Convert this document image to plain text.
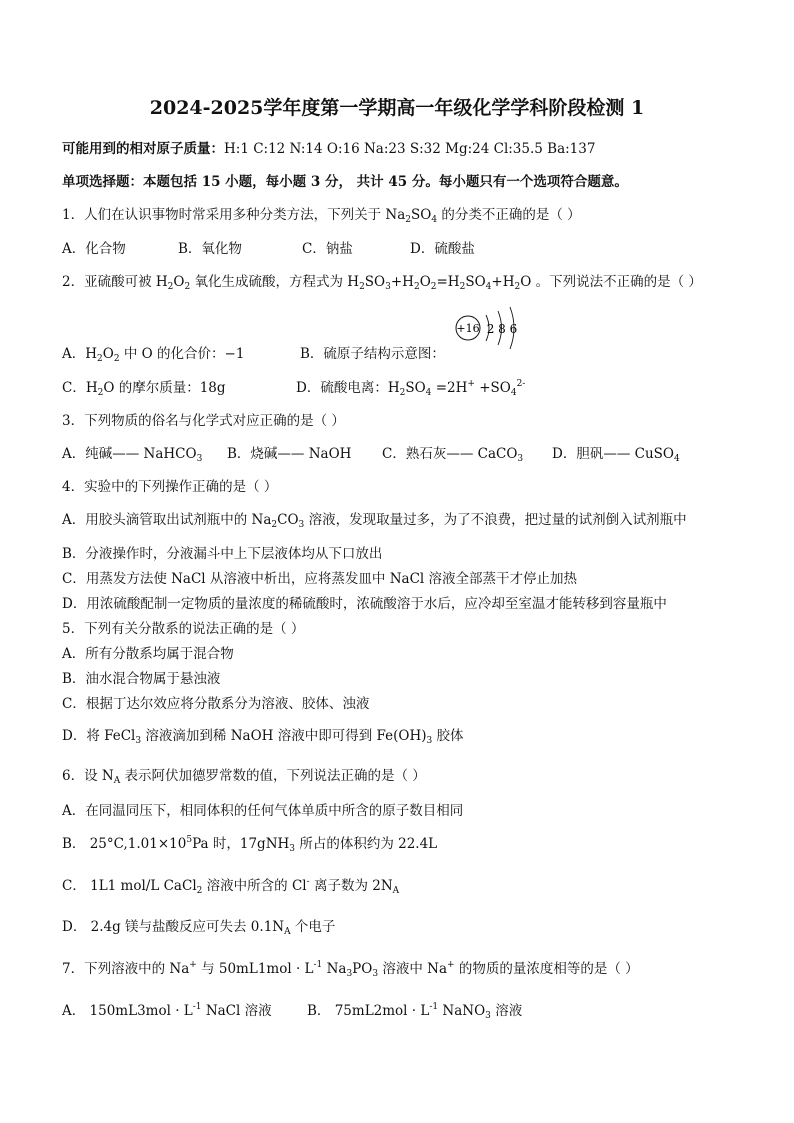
2024-2025学年度第一学期高一年级化学学科阶段检测 1
可能用到的相对原子质量：H:1 C:12 N:14 O:16 Na:23 S:32 Mg:24 Cl:35.5 Ba:137
单项选择题：本题包括 15 小题，每小题 3 分， 共计 45 分。每小题只有一个选项符合题意。
1．人们在认识事物时常采用多种分类方法，下列关于 $Na_2SO_4$ 的分类不正确的是（ ）
A．化合物	B．氧化物	C．钠盐	D．硫酸盐
2．亚硫酸可被 $H_2O_2$ 氧化生成硫酸，方程式为 $H_2SO_3+H_2O_2=H_2SO_4+H_2O$ 。下列说法不正确的是（ ）
+16 2 8 6
A．$H_2O_2$ 中 O 的化合价：−1	B．硫原子结构示意图：
C．$H_2O$ 的摩尔质量：18g	D．硫酸电离：$H_2SO_4 =2H^+ +SO_4^{2-}$
3．下列物质的俗名与化学式对应正确的是（ ）
A．纯碱—— NaHCO$_3$ B．烧碱—— NaOH C．熟石灰—— CaCO$_3$ D．胆矾—— CuSO$_4$
4．实验中的下列操作正确的是（ ）
A．用胶头滴管取出试剂瓶中的 $Na_2CO_3$ 溶液，发现取量过多，为了不浪费，把过量的试剂倒入试剂瓶中
B．分液操作时，分液漏斗中上下层液体均从下口放出
C．用蒸发方法使 NaCl 从溶液中析出，应将蒸发皿中 NaCl 溶液全部蒸干才停止加热
D．用浓硫酸配制一定物质的量浓度的稀硫酸时，浓硫酸溶于水后，应冷却至室温才能转移到容量瓶中
5．下列有关分散系的说法正确的是（ ）
A．所有分散系均属于混合物
B．油水混合物属于悬浊液
C．根据丁达尔效应将分散系分为溶液、胶体、浊液
D．将 FeCl$_3$ 溶液滴加到稀 NaOH 溶液中即可得到 $Fe(OH)_3$ 胶体
6．设 $N_A$ 表示阿伏加德罗常数的值，下列说法正确的是（ ）
A．在同温同压下，相同体积的任何气体单质中所含的原子数目相同
B． $25^\circ C,1.01\times 10^5Pa$ 时，17gNH$_3$ 所占的体积约为 22.4L
C． 1L1 mol/L CaCl$_2$ 溶液中所含的 Cl- 离子数为 $2N_A$
D． 2.4g 镁与盐酸反应可失去 $0.1N_A$ 个电子
7．下列溶液中的 Na+ 与 $50mL1mol \cdot L^{-1}$ $Na_3PO_3$ 溶液中 Na+ 的物质的量浓度相等的是（ ）
A． $150mL3mol \cdot L^{-1}$ NaCl 溶液	B． $75mL2mol \cdot L^{-1}$ NaNO$_3$ 溶液
